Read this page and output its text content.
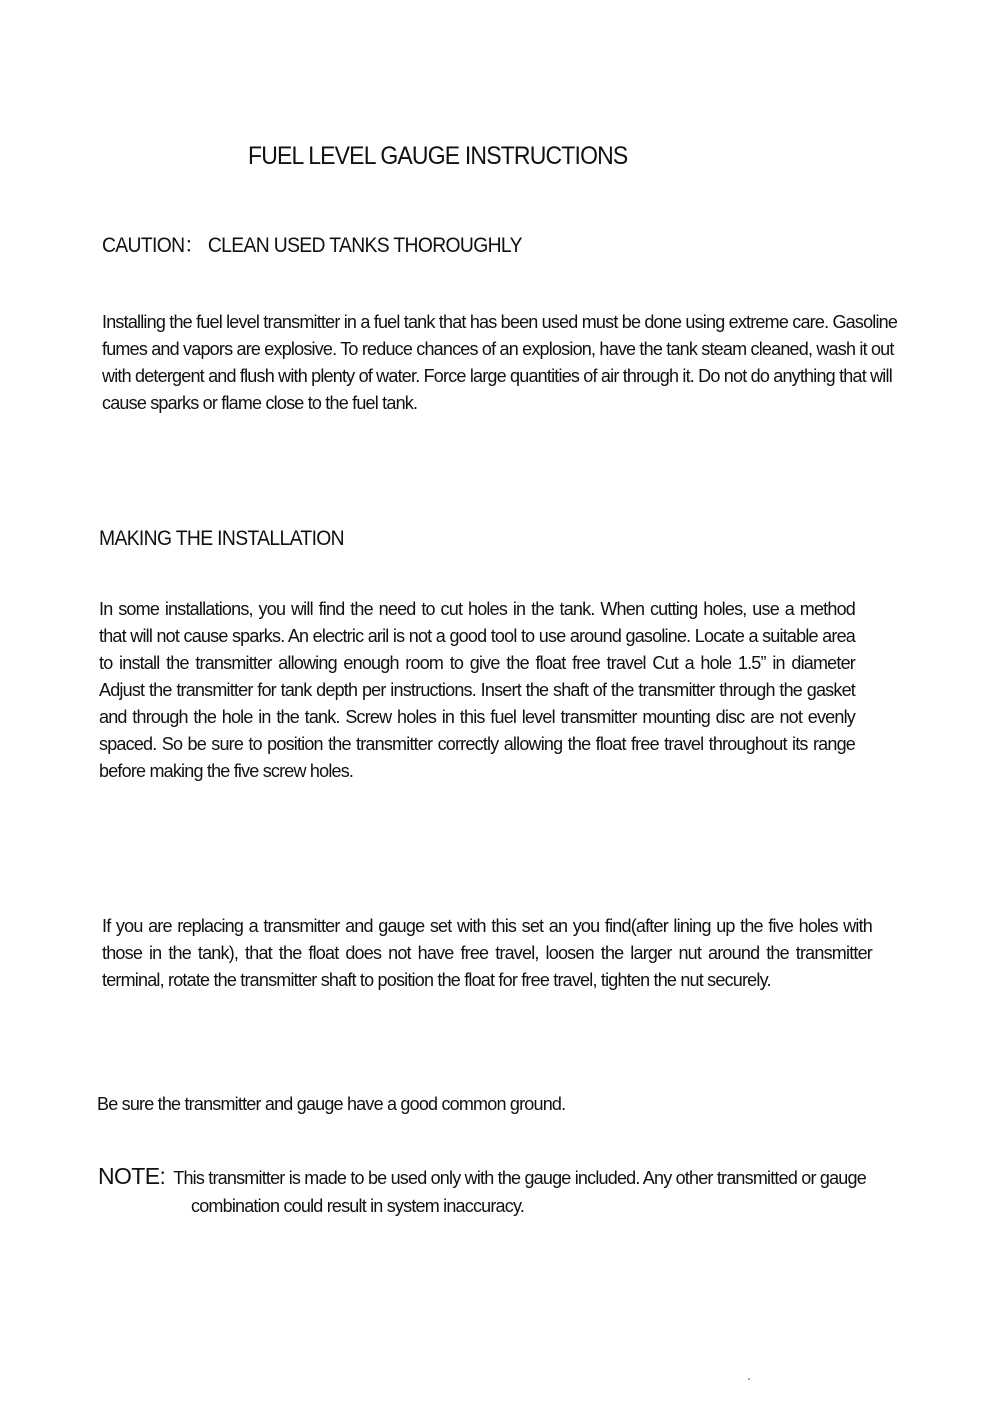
FUEL LEVEL GAUGE INSTRUCTIONS
CAUTION： CLEAN USED TANKS THOROUGHLY

Installing the fuel level transmitter in a fuel tank that has been used must be done using extreme care. Gasoline fumes and vapors are explosive. To reduce chances of an explosion, have the tank steam cleaned, wash it out with detergent and flush with plenty of water. Force large quantities of air through it. Do not do anything that will cause sparks or flame close to the fuel tank.

MAKING THE INSTALLATION

In some installations, you will find the need to cut holes in the tank. When cutting holes, use a method that will not cause sparks. An electric aril is not a good tool to use around gasoline. Locate a suitable area to install the transmitter allowing enough room to give the float free travel Cut a hole 1.5” in diameter Adjust the transmitter for tank depth per instructions. Insert the shaft of the transmitter through the gasket and through the hole in the tank. Screw holes in this fuel level transmitter mounting disc are not evenly spaced. So be sure to position the transmitter correctly allowing the float free travel throughout its range before making the five screw holes.

If you are replacing a transmitter and gauge set with this set an you find(after lining up the five holes with those in the tank), that the float does not have free travel, loosen the larger nut around the transmitter terminal, rotate the transmitter shaft to position the float for free travel, tighten the nut securely.

Be sure the transmitter and gauge have a good common ground.

NOTE: This transmitter is made to be used only with the gauge included. Any other transmitted or gauge
combination could result in system inaccuracy.
